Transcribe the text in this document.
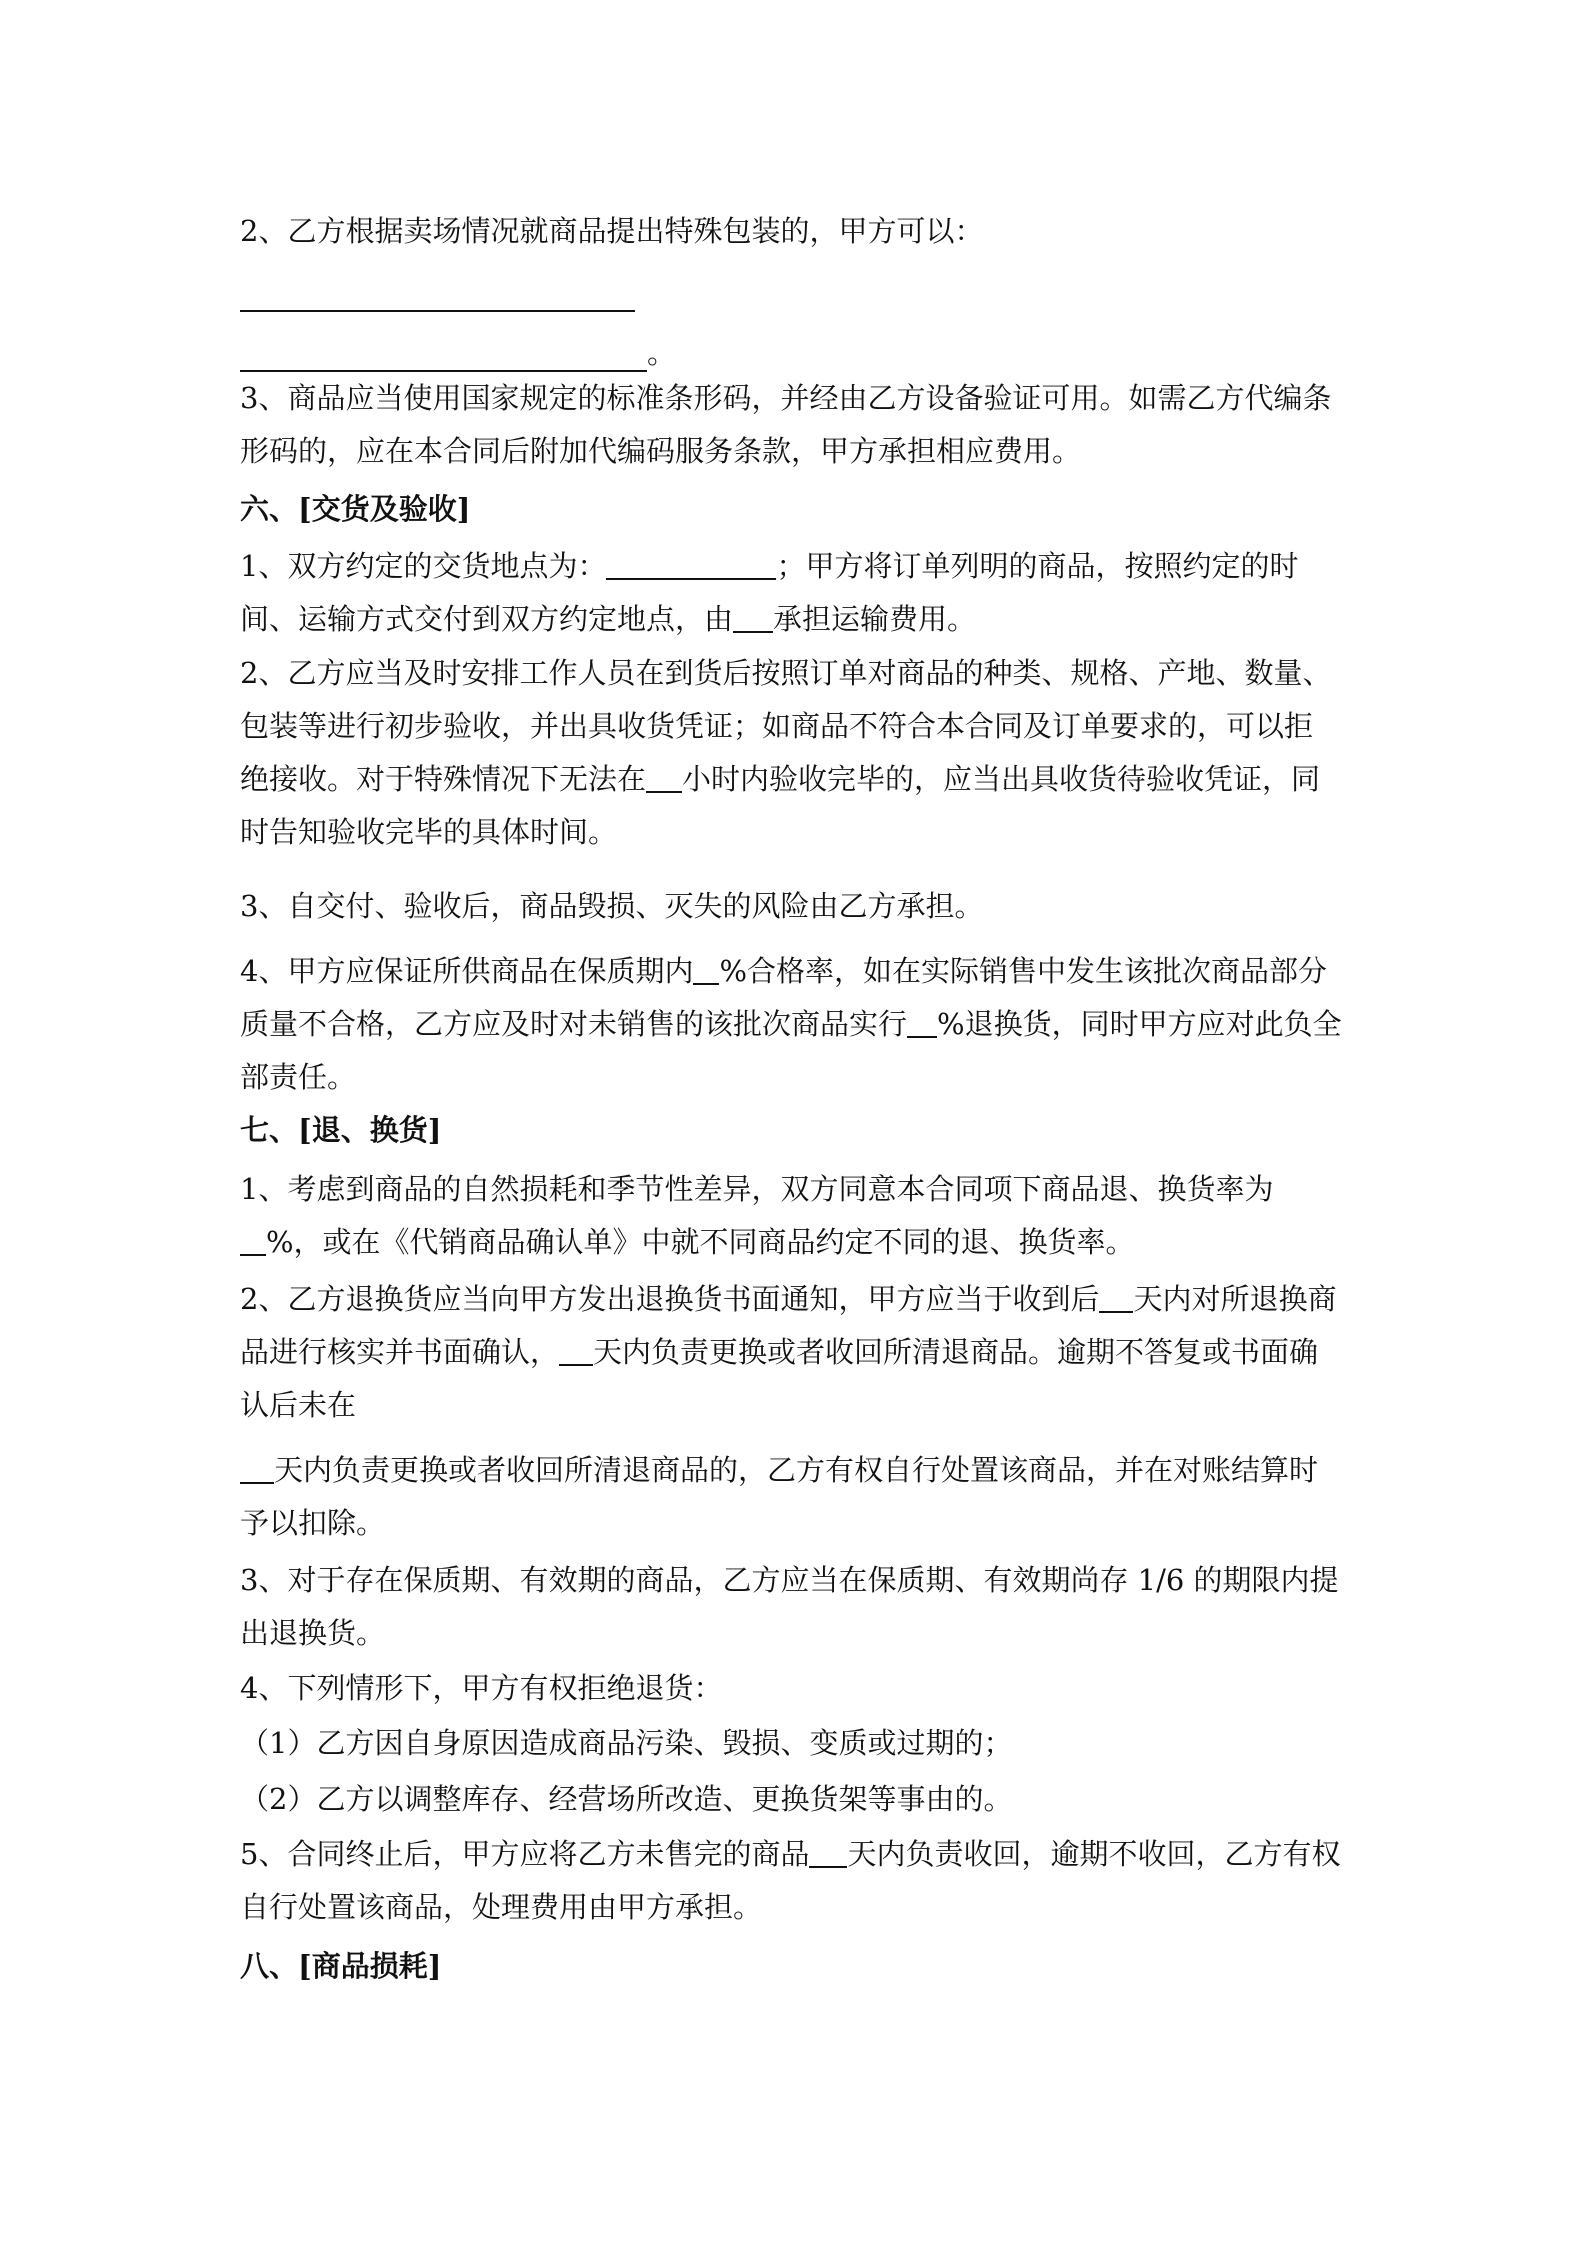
2、乙方根据卖场情况就商品提出特殊包装的，甲方可以：
。
3、商品应当使用国家规定的标准条形码，并经由乙方设备验证可用。如需乙方代编条
形码的，应在本合同后附加代编码服务条款，甲方承担相应费用。
六、[交货及验收]
1、双方约定的交货地点为：	；甲方将订单列明的商品，按照约定的时
间、运输方式交付到双方约定地点，由 承担运输费用。
2、乙方应当及时安排工作人员在到货后按照订单对商品的种类、规格、产地、数量、
包装等进行初步验收，并出具收货凭证；如商品不符合本合同及订单要求的，可以拒
绝接收。对于特殊情况下无法在 小时内验收完毕的，应当出具收货待验收凭证，同
时告知验收完毕的具体时间。
3、自交付、验收后，商品毁损、灭失的风险由乙方承担。
4、甲方应保证所供商品在保质期内 %合格率，如在实际销售中发生该批次商品部分
质量不合格，乙方应及时对未销售的该批次商品实行 %退换货，同时甲方应对此负全
部责任。
七、[退、换货]
1、考虑到商品的自然损耗和季节性差异，双方同意本合同项下商品退、换货率为
%，或在《代销商品确认单》中就不同商品约定不同的退、换货率。
2、乙方退换货应当向甲方发出退换货书面通知，甲方应当于收到后 天内对所退换商
品进行核实并书面确认， 天内负责更换或者收回所清退商品。逾期不答复或书面确
认后未在
天内负责更换或者收回所清退商品的，乙方有权自行处置该商品，并在对账结算时
予以扣除。
3、对于存在保质期、有效期的商品，乙方应当在保质期、有效期尚存 1/6 的期限内提
出退换货。
4、下列情形下，甲方有权拒绝退货：
（1）乙方因自身原因造成商品污染、毁损、变质或过期的；
（2）乙方以调整库存、经营场所改造、更换货架等事由的。
5、合同终止后，甲方应将乙方未售完的商品 天内负责收回，逾期不收回，乙方有权
自行处置该商品，处理费用由甲方承担。
八、[商品损耗]
